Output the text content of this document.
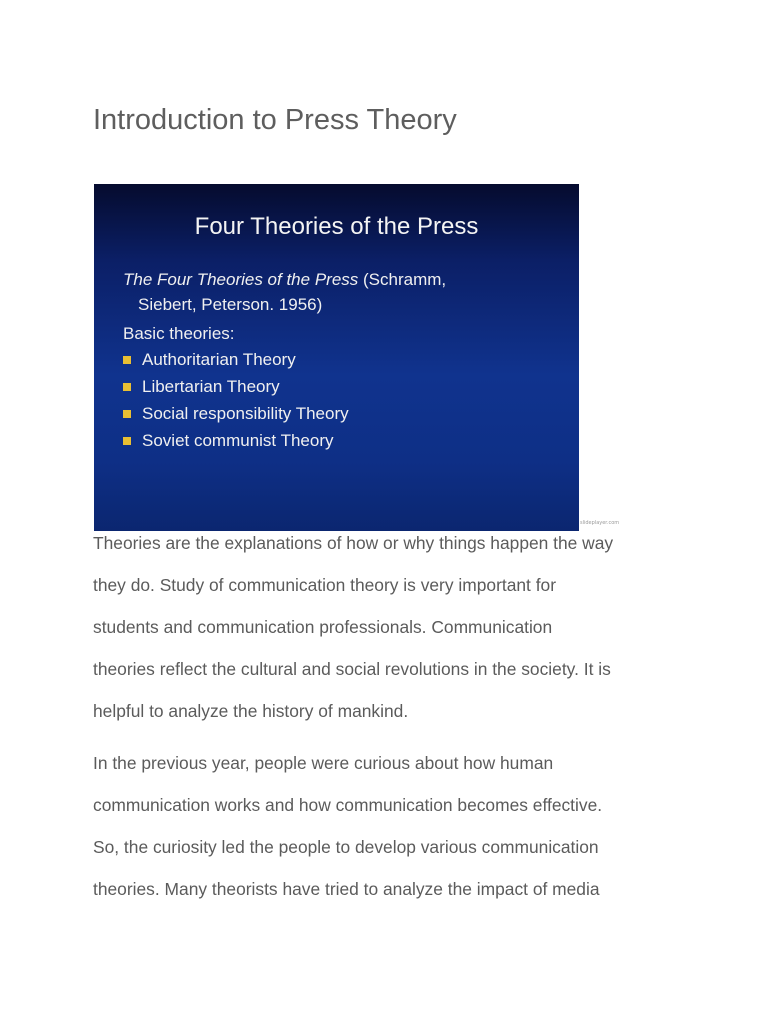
Introduction to Press Theory
Four Theories of the Press

The Four Theories of the Press (Schramm,
Siebert, Peterson. 1956)

Basic theories:

Authoritarian Theory
Libertarian Theory
Social responsibility Theory
Soviet communist Theory
slideplayer.com

Theories are the explanations of how or why things happen the way
they do. Study of communication theory is very important for
students and communication professionals. Communication
theories reflect the cultural and social revolutions in the society. It is
helpful to analyze the history of mankind.

In the previous year, people were curious about how human
communication works and how communication becomes effective.
So, the curiosity led the people to develop various communication
theories. Many theorists have tried to analyze the impact of media
